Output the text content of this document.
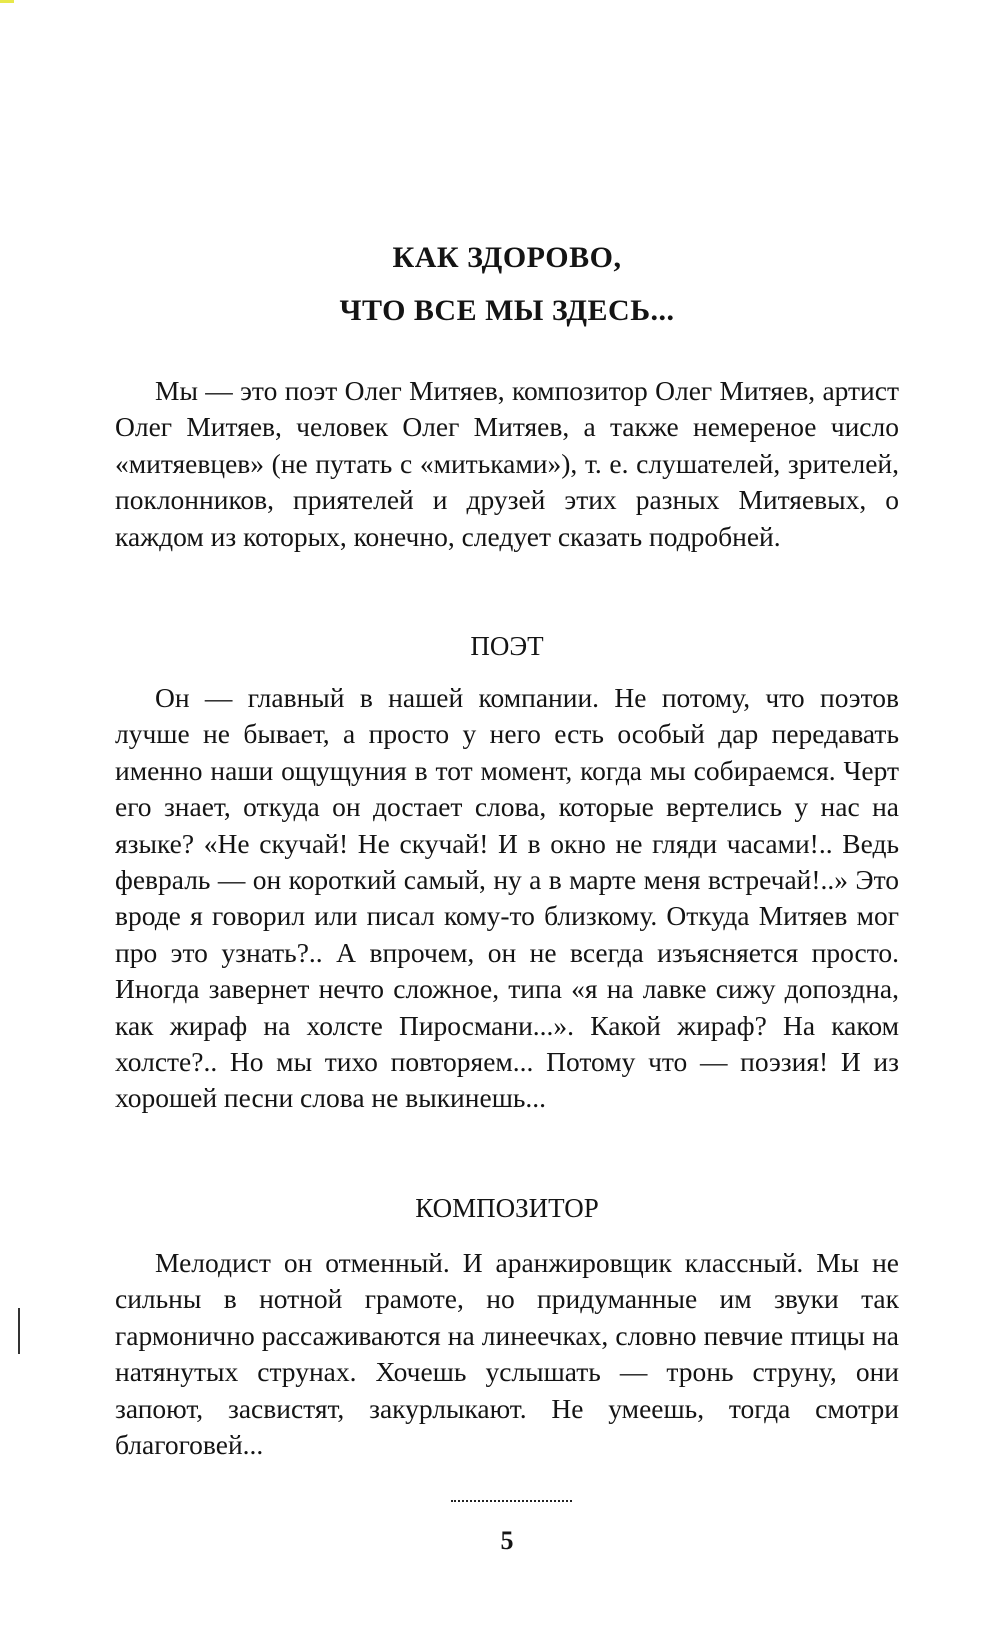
КАК ЗДОРОВО,
ЧТО ВСЕ МЫ ЗДЕСЬ...

Мы — это поэт Олег Митяев, композитор Олег Митяев, артист Олег Митяев, человек Олег Митяев, а также немереное число «митяевцев» (не путать с «митьками»), т. е. слушателей, зрителей, поклонников, приятелей и друзей этих разных Митяевых, о каждом из которых, конечно, следует сказать подробней.

ПОЭТ

Он — главный в нашей компании. Не потому, что поэтов лучше не бывает, а просто у него есть особый дар передавать именно наши ощущуния в тот момент, когда мы собираемся. Черт его знает, откуда он достает слова, которые вертелись у нас на языке? «Не скучай! Не скучай! И в окно не гляди часами!.. Ведь февраль — он короткий самый, ну а в марте меня встречай!..» Это вроде я говорил или писал кому-то близкому. Откуда Митяев мог про это узнать?.. А впрочем, он не всегда изъясняется просто. Иногда завернет нечто сложное, типа «я на лавке сижу допоздна, как жираф на холсте Пиросмани...». Какой жираф? На каком холсте?.. Но мы тихо повторяем... Потому что — поэзия! И из хорошей песни слова не выкинешь...

КОМПОЗИТОР

Мелодист он отменный. И аранжировщик классный. Мы не сильны в нотной грамоте, но придуманные им звуки так гармонично рассаживаются на линеечках, словно певчие птицы на натянутых струнах. Хочешь услышать — тронь струну, они запоют, засвистят, закурлыкают. Не умеешь, тогда смотри благоговей...

5
